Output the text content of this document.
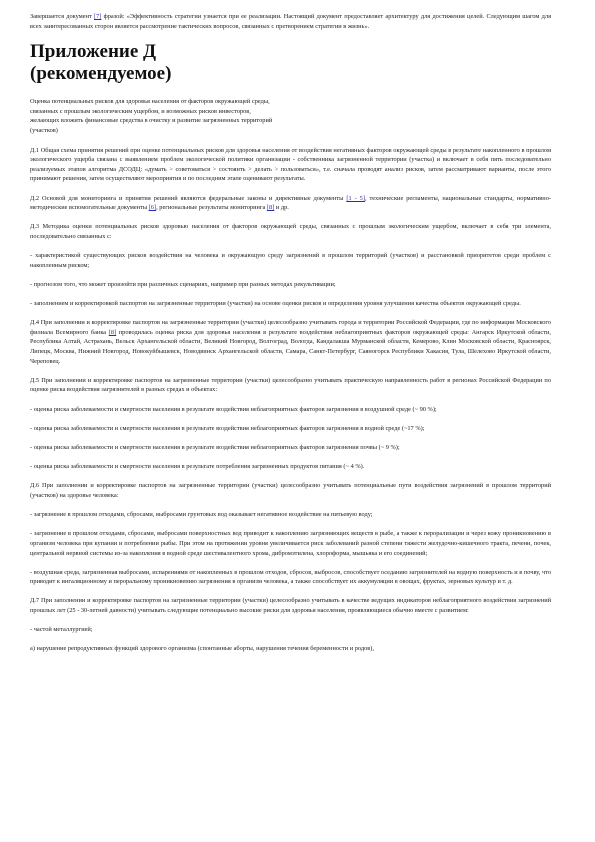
Завершается документ [7] фразой: «Эффективность стратегии узнается при ее реализации. Настоящий документ предоставляет архитектуру для достижения целей. Следующим шагом для всех заинтересованных сторон является рассмотрение тактических вопросов, связанных с претворением стратегии в жизнь».

Приложение Д
(рекомендуемое)

Оценка потенциальных рисков для здоровья населения от факторов окружающей среды,

связанных с прошлым экологическим ущербом, и возможных рисков инвесторов,

желающих вложить финансовые средства в очистку и развитие загрязненных территорий

(участков)

Д.1 Общая схема принятия решений при оценке потенциальных рисков для здоровья населения от воздействия негативных факторов окружающей среды в результате накопленного в прошлом экологического ущерба связана с выявлением проблем экологической политики организации - собственника загрязненной территории (участка) и включает в себя пять последовательно реализуемых этапов алгоритма ДСОДЦ: «думать > советоваться > состоянть > делать > пользоваться», т.е. сначала проводят анализ рисков, затем рассматривают варианты, после этого принимают решения, затем осуществляют мероприятия и по последним этапе оценивают результаты.

Д.2 Основой для мониторинга и принятия решений являются федеральные законы и директивные документы [1 - 5], технические регламенты, национальные стандарты, нормативно-методические вспомогательные документы [6], региональные результаты мониторинга [8] и др.

Д.3 Методика оценки потенциальных рисков здоровью населения от факторов окружающей среды, связанных с прошлым экологическим ущербом, включает в себя три элемента, последовательно связанных с:

- характеристикой существующих рисков воздействия на человека и окружающую среду загрязнений в прошлом территорий (участков) и расстановкой приоритетов среди проблем с накопленным риском;

- прогнозом того, что может произойти при различных сценариях, например при разных методах рекультивации;

- заполнением и корректировкой паспортов на загрязненные территории (участки) на основе оценки рисков и определения уровня улучшения качества объектов окружающей среды.

Д.4 При заполнении и корректировке паспортов на загрязненные территории (участки) целесообразно учитывать города и территории Российской Федерации, где по информации Московского филиала Всемирного банка [8] проводилась оценка риска для здоровья населения в результате воздействия неблагоприятных факторов окружающей среды: Ангарск Иркутской области, Республика Алтай, Астрахань, Вельск Архангельской области, Великий Новгород, Волгоград, Вологда, Кандалакша Мурманской области, Кемерово, Клин Московской области, Красноярск, Липецк, Москва, Нижний Новгород, Новокуйбышевск, Новодвинск Архангельской области, Самара, Санкт-Петербург, Саяногорск Республики Хакасия, Тула, Шелехово Иркутской области, Череповец.

Д.5 При заполнении и корректировке паспортов на загрязненные территории (участки) целесообразно учитывать практическую направленность работ в регионах Российской Федерации по оценке риска воздействия загрязнителей в разных средах и объектах:

- оценка риска заболеваемости и смертности населения в результате воздействия неблагоприятных факторов загрязнения в воздушной среде (~ 90 %);

- оценка риска заболеваемости и смертности населения в результате воздействия неблагоприятных факторов загрязнения в водной среде (~17 %);

- оценка риска заболеваемости и смертности населения в результате воздействия неблагоприятных факторов загрязнения почвы (~ 9 %);

- оценка риска заболеваемости и смертности населения в результате потребления загрязненных продуктов питания (~ 4 %).

Д.6 При заполнении и корректировке паспортов на загрязненные территории (участки) целесообразно учитывать потенциальные пути воздействия загрязнений в прошлом территорий (участков) на здоровье человека:

- загрязнение в прошлом отходами, сбросами, выбросами грунтовых вод оказывает негативное воздействие на питьевую воду;

- загрязнение в прошлом отходами, сбросами, выбросами поверхностных вод приводит к накоплению загрязняющих веществ в рыбе, а также к перорализации и через кожу проникновению в организм человека при купании и потреблении рыбы. При этом на протяжении уровня увеличивается риск заболеваний разной степени тяжести желудочно-кишечного тракта, печени, почек, центральной нервной системы из-за накопления в водной среде шестивалентного хрома, дибромэтилена, хлороформа, мышьяка и его соединений;

- воздушная среда, загрязненная выбросами, испарениями от накопленных в прошлом отходов, сбросов, выбросов, способствует оседанию загрязнителей на водную поверхность и в почву, что приводит к ингаляционному и пероральному проникновению загрязнения в организм человека, а также способствует их аккумуляции в овощах, фруктах, зерновых культур и т. д.

Д.7 При заполнении и корректировке паспортов на загрязненные территории (участки) целесообразно учитывать в качестве ведущих индикаторов неблагоприятного воздействия загрязнений прошлых лет (25 - 30-летней давности) учитывать следующие потенциально высокие риски для здоровья населения, проявляющиеся обычно вместе с развитием:

- частой металлургией;

а) нарушение репродуктивных функций здорового организма (спонтанные аборты, нарушения течения беременности и родов),
